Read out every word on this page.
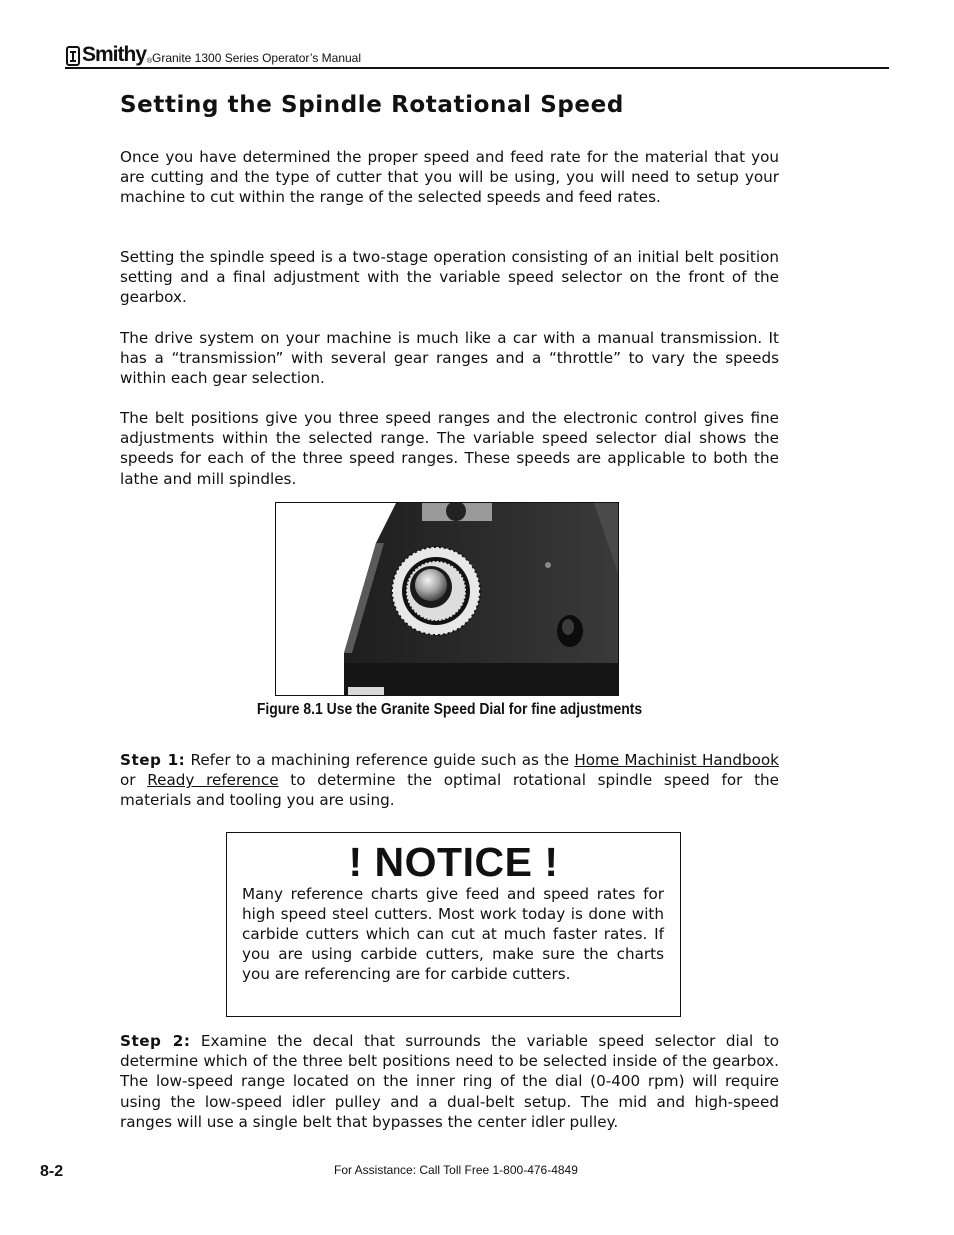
Smithy ® Granite 1300 Series Operator’s Manual
Setting the Spindle Rotational Speed
Once you have determined the proper speed and feed rate for the material that you are cutting and the type of cutter that you will be using, you will need to setup your machine to cut within the range of the selected speeds and feed rates.
Setting the spindle speed is a two-stage operation consisting of an initial belt position setting and a final adjustment with the variable speed selector on the front of the gearbox.
The drive system on your machine is much like a car with a manual transmission. It has a “transmission” with several gear ranges and a “throttle” to vary the speeds within each gear selection.
The belt positions give you three speed ranges and the electronic control gives fine adjustments within the selected range. The variable speed selector dial shows the speeds for each of the three speed ranges. These speeds are applicable to both the lathe and mill spindles.
Figure 8.1 Use the Granite Speed Dial for fine adjustments
Step 1: Refer to a machining reference guide such as the Home Machinist Handbook or Ready reference to determine the optimal rotational spindle speed for the materials and tooling you are using.
! NOTICE !
Many reference charts give feed and speed rates for high speed steel cutters. Most work today is done with carbide cutters which can cut at much faster rates. If you are using carbide cutters, make sure the charts you are referencing are for carbide cutters.
Step 2: Examine the decal that surrounds the variable speed selector dial to determine which of the three belt positions need to be selected inside of the gearbox. The low-speed range located on the inner ring of the dial (0-400 rpm) will require using the low-speed idler pulley and a dual-belt setup. The mid and high-speed ranges will use a single belt that bypasses the center idler pulley.
8-2	For Assistance: Call Toll Free 1-800-476-4849
